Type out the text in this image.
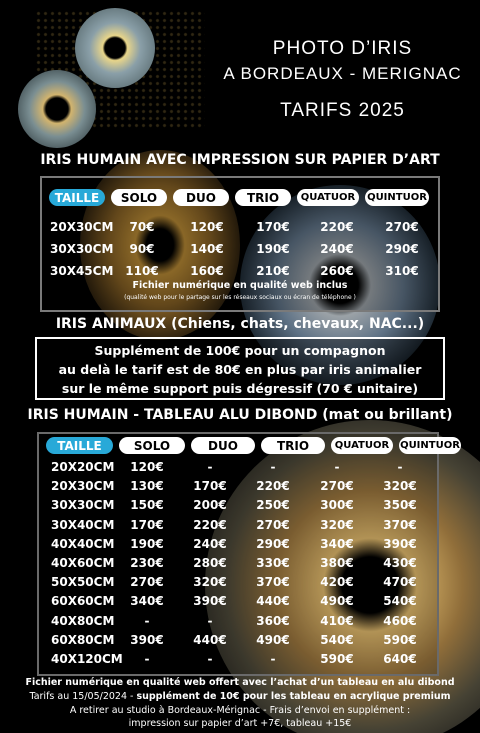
PHOTO D’IRIS
A BORDEAUX - MERIGNAC
TARIFS 2025
IRIS HUMAIN AVEC IMPRESSION SUR PAPIER D’ART
TAILLE	SOLO	DUO	TRIO	QUATUOR	QUINTUOR
20X30CM	70€	120€	170€	220€	270€
30X30CM	90€	140€	190€	240€	290€
30X45CM 110€	160€	210€	260€	310€
Fichier numérique en qualité web inclus
(qualité web pour le partage sur les réseaux sociaux ou écran de téléphone )
IRIS ANIMAUX (Chiens, chats, chevaux, NAC...)
Supplément de 100€ pour un compagnon
au delà le tarif est de 80€ en plus par iris animalier
sur le même support puis dégressif (70 € unitaire)
IRIS HUMAIN - TABLEAU ALU DIBOND (mat ou brillant)
TAILLE	SOLO	DUO	TRIO	QUATUOR	QUINTUOR
20X20CM	120€	-	-	-	-
20X30CM	130€	170€	220€	270€	320€
30X30CM	150€	200€	250€	300€	350€
30X40CM	170€	220€	270€	320€	370€
40X40CM	190€	240€	290€	340€	390€
40X60CM	230€	280€	330€	380€	430€
50X50CM	270€	320€	370€	420€	470€
60X60CM	340€	390€	440€	490€	540€
40X80CM	-	-	360€	410€	460€
60X80CM	390€	440€	490€	540€	590€
40X120CM	-	-	-	590€	640€
Fichier numérique en qualité web offert avec l’achat d’un tableau en alu dibond
Tarifs au 15/05/2024 - supplément de 10€ pour les tableau en acrylique premium
A retirer au studio à Bordeaux-Mérignac - Frais d’envoi en supplément :
impression sur papier d’art +7€, tableau +15€
